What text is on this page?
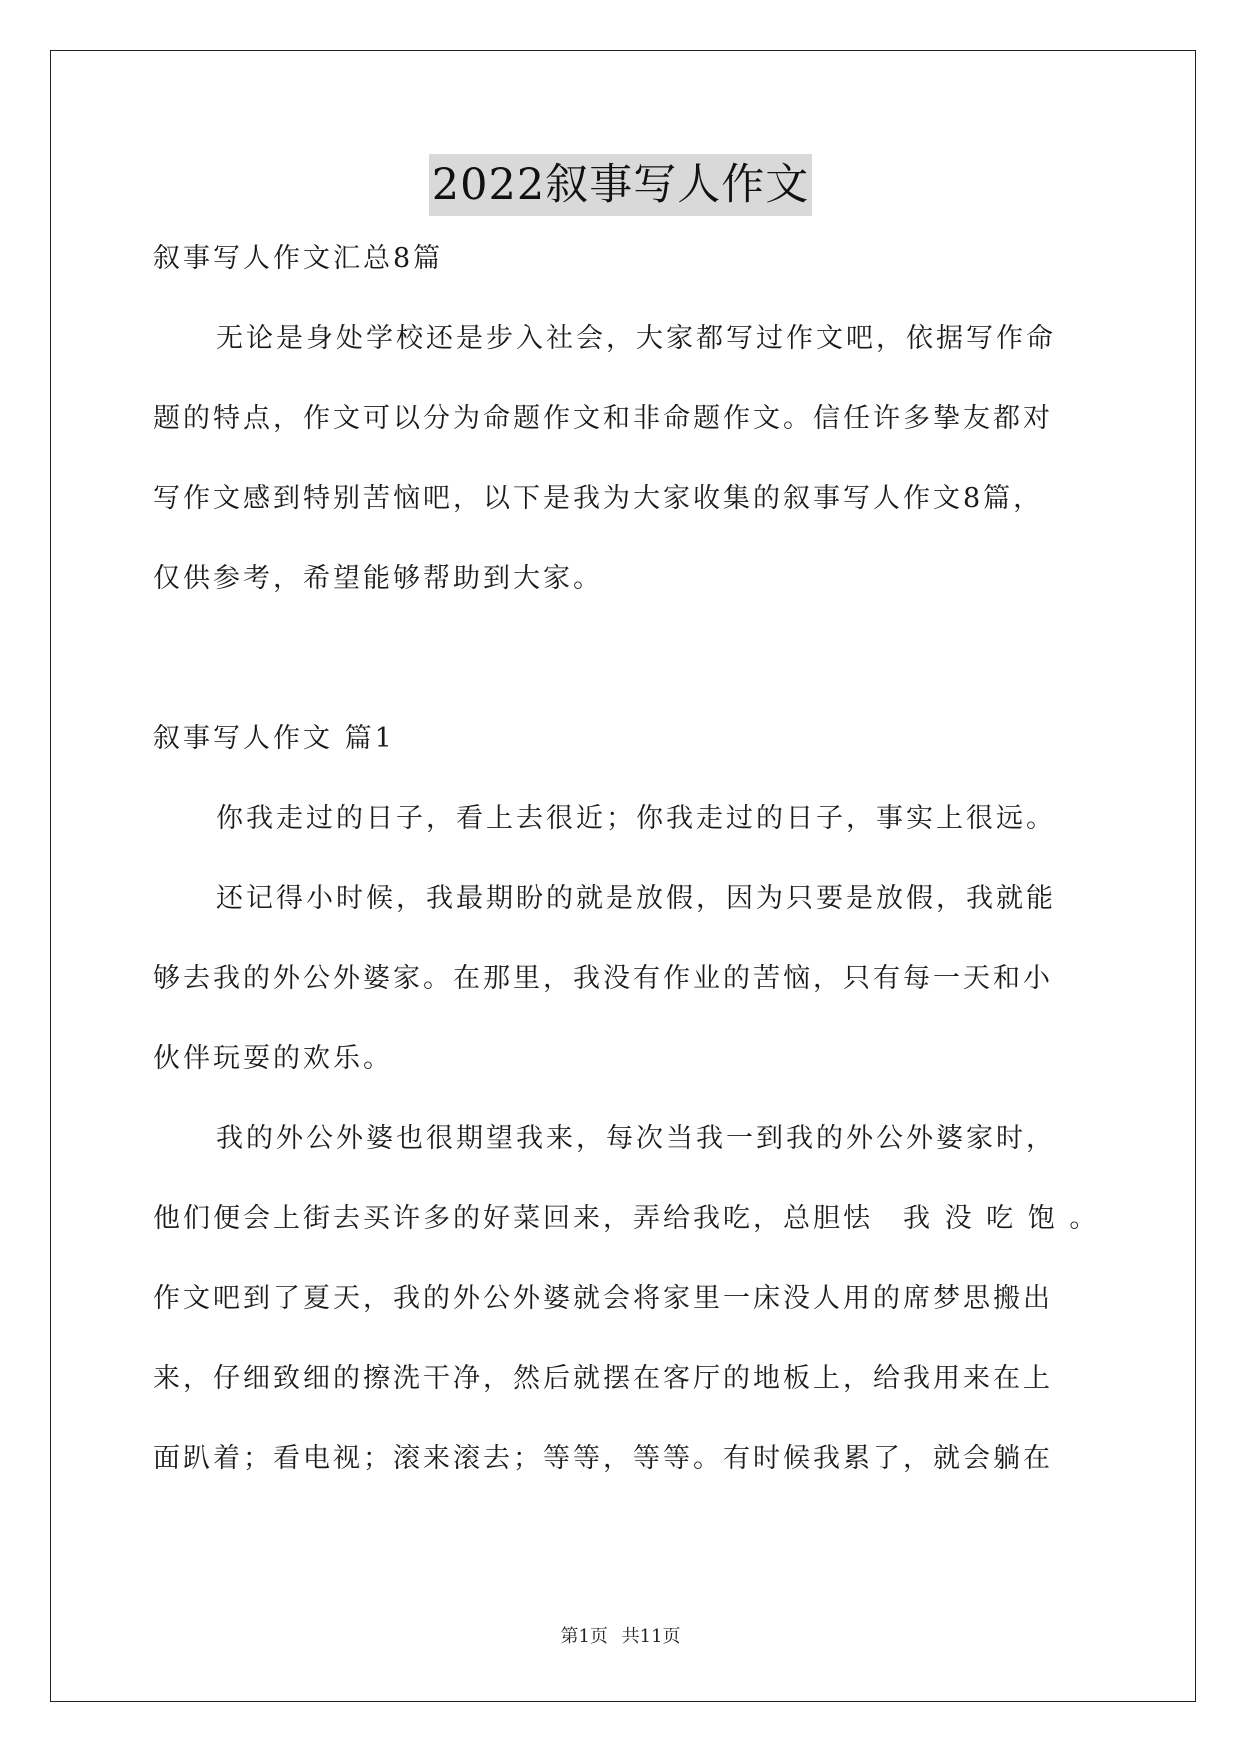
2022叙事写人作文
叙事写人作文汇总8篇
无论是身处学校还是步入社会，大家都写过作文吧，依据写作命
题的特点，作文可以分为命题作文和非命题作文。信任许多挚友都对
写作文感到特别苦恼吧，以下是我为大家收集的叙事写人作文8篇，
仅供参考，希望能够帮助到大家。
叙事写人作文 篇1
你我走过的日子，看上去很近；你我走过的日子，事实上很远。
还记得小时候，我最期盼的就是放假，因为只要是放假，我就能
够去我的外公外婆家。在那里，我没有作业的苦恼，只有每一天和小
伙伴玩耍的欢乐。
我的外公外婆也很期望我来，每次当我一到我的外公外婆家时，
他们便会上街去买许多的好菜回来，弄给我吃，总胆怯　我 没 吃 饱 。
作文吧到了夏天，我的外公外婆就会将家里一床没人用的席梦思搬出
来，仔细致细的擦洗干净，然后就摆在客厅的地板上，给我用来在上
面趴着；看电视；滚来滚去；等等，等等。有时候我累了，就会躺在
第1页 共11页
